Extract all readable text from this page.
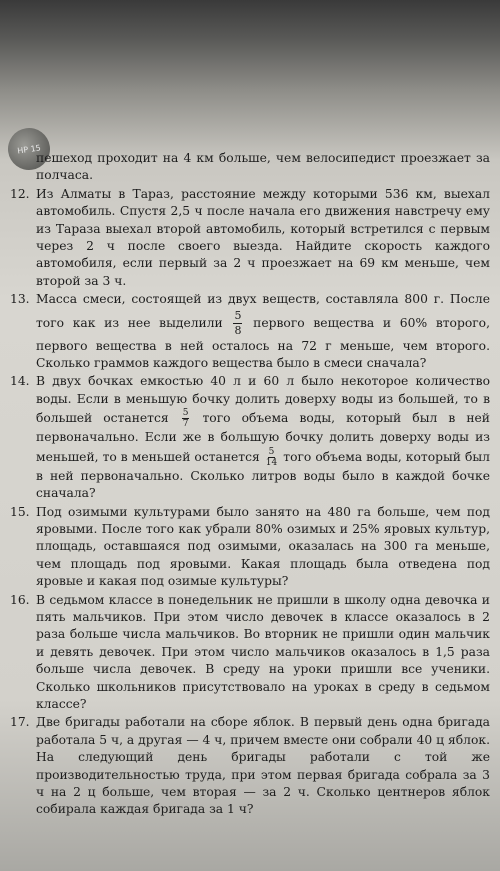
HP 15
пешеход проходит на 4 км больше, чем велосипедист проезжает за полчаса.
12. Из Алматы в Тараз, расстояние между которыми 536 км, выехал автомобиль. Спустя 2,5 ч после начала его движения навстречу ему из Тараза выехал второй автомобиль, который встретился с первым через 2 ч после своего выезда. Найдите скорость каждого автомобиля, если первый за 2 ч проезжает на 69 км меньше, чем второй за 3 ч.
13. Масса смеси, состоящей из двух веществ, составляла 800 г. После того как из нее выделили $\frac{5}{8}$ первого вещества и 60% второго, первого вещества в ней осталось на 72 г меньше, чем второго. Сколько граммов каждого вещества было в смеси сначала?
14. В двух бочках емкостью 40 л и 60 л было некоторое количество воды. Если в меньшую бочку долить доверху воды из большей, то в большей останется $\frac{5}{7}$ того объема воды, который был в ней первоначально. Если же в большую бочку долить доверху воды из меньшей, то в меньшей останется $\frac{5}{14}$ того объема воды, который был в ней первоначально. Сколько литров воды было в каждой бочке сначала?
15. Под озимыми культурами было занято на 480 га больше, чем под яровыми. После того как убрали 80% озимых и 25% яровых культур, площадь, оставшаяся под озимыми, оказалась на 300 га меньше, чем площадь под яровыми. Какая площадь была отведена под яровые и какая под озимые культуры?
16. В седьмом классе в понедельник не пришли в школу одна девочка и пять мальчиков. При этом число девочек в классе оказалось в 2 раза больше числа мальчиков. Во вторник не пришли один мальчик и девять девочек. При этом число мальчиков оказалось в 1,5 раза больше числа девочек. В среду на уроки пришли все ученики. Сколько школьников присутствовало на уроках в среду в седьмом классе?
17. Две бригады работали на сборе яблок. В первый день одна бригада работала 5 ч, а другая — 4 ч, причем вместе они собрали 40 ц яблок. На следующий день бригады работали с той же производительностью труда, при этом первая бригада собрала за 3 ч на 2 ц больше, чем вторая — за 2 ч. Сколько центнеров яблок собирала каждая бригада за 1 ч?
